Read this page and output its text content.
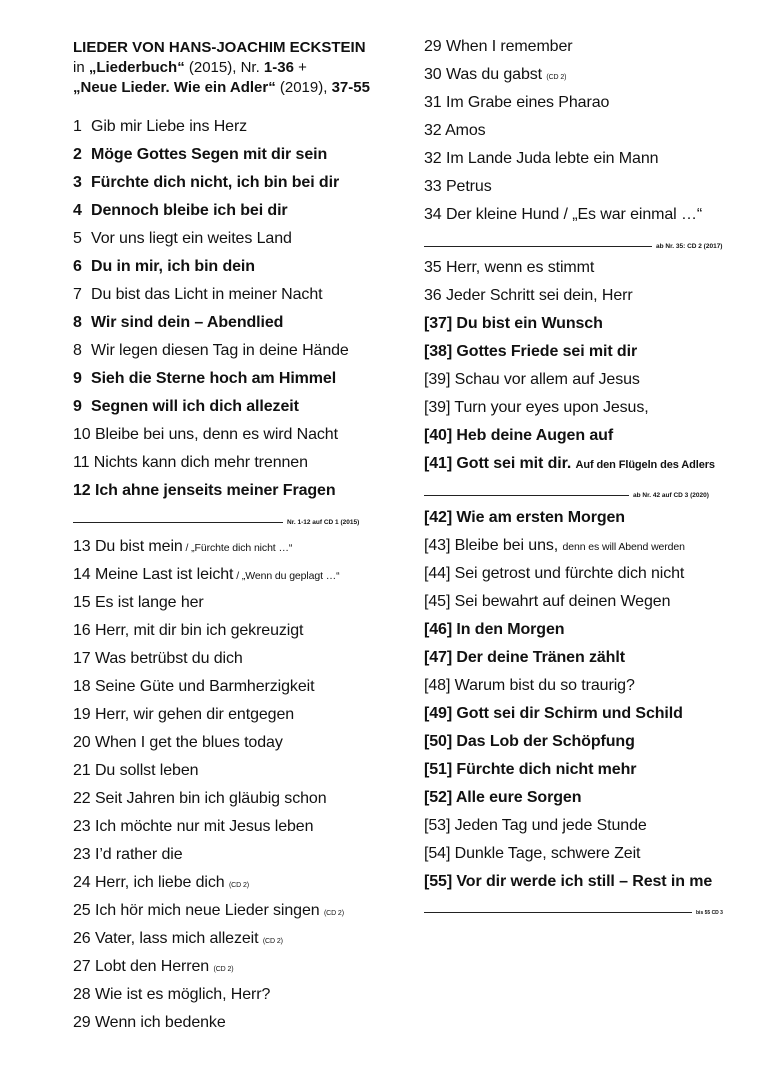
LIEDER VON HANS-JOACHIM ECKSTEIN
in „Liederbuch“ (2015), Nr. 1-36 +
„Neue Lieder. Wie ein Adler“ (2019), 37-55
1 Gib mir Liebe ins Herz
2 Möge Gottes Segen mit dir sein
3 Fürchte dich nicht, ich bin bei dir
4 Dennoch bleibe ich bei dir
5 Vor uns liegt ein weites Land
6 Du in mir, ich bin dein
7 Du bist das Licht in meiner Nacht
8 Wir sind dein – Abendlied
8 Wir legen diesen Tag in deine Hände
9 Sieh die Sterne hoch am Himmel
9 Segnen will ich dich allezeit
10 Bleibe bei uns, denn es wird Nacht
11 Nichts kann dich mehr trennen
12 Ich ahne jenseits meiner Fragen
Nr. 1-12 auf CD 1 (2015)
13 Du bist mein / „Fürchte dich nicht …“
14 Meine Last ist leicht / „Wenn du geplagt …“
15 Es ist lange her
16 Herr, mit dir bin ich gekreuzigt
17 Was betrübst du dich
18 Seine Güte und Barmherzigkeit
19 Herr, wir gehen dir entgegen
20 When I get the blues today
21 Du sollst leben
22 Seit Jahren bin ich gläubig schon
23 Ich möchte nur mit Jesus leben
23 I’d rather die
24 Herr, ich liebe dich (CD 2)
25 Ich hör mich neue Lieder singen (CD 2)
26 Vater, lass mich allezeit (CD 2)
27 Lobt den Herren (CD 2)
28 Wie ist es möglich, Herr?
29 Wenn ich bedenke
29 When I remember
30 Was du gabst (CD 2)
31 Im Grabe eines Pharao
32 Amos
32 Im Lande Juda lebte ein Mann
33 Petrus
34 Der kleine Hund / „Es war einmal …“
ab Nr. 35: CD 2 (2017)
35 Herr, wenn es stimmt
36 Jeder Schritt sei dein, Herr
[37] Du bist ein Wunsch
[38] Gottes Friede sei mit dir
[39] Schau vor allem auf Jesus
[39] Turn your eyes upon Jesus,
[40] Heb deine Augen auf
[41] Gott sei mit dir. Auf den Flügeln des Adlers
ab Nr. 42 auf CD 3 (2020)
[42] Wie am ersten Morgen
[43] Bleibe bei uns, denn es will Abend werden
[44] Sei getrost und fürchte dich nicht
[45] Sei bewahrt auf deinen Wegen
[46] In den Morgen
[47] Der deine Tränen zählt
[48] Warum bist du so traurig?
[49] Gott sei dir Schirm und Schild
[50] Das Lob der Schöpfung
[51] Fürchte dich nicht mehr
[52] Alle eure Sorgen
[53] Jeden Tag und jede Stunde
[54] Dunkle Tage, schwere Zeit
[55] Vor dir werde ich still – Rest in me
bis 55 CD 3
